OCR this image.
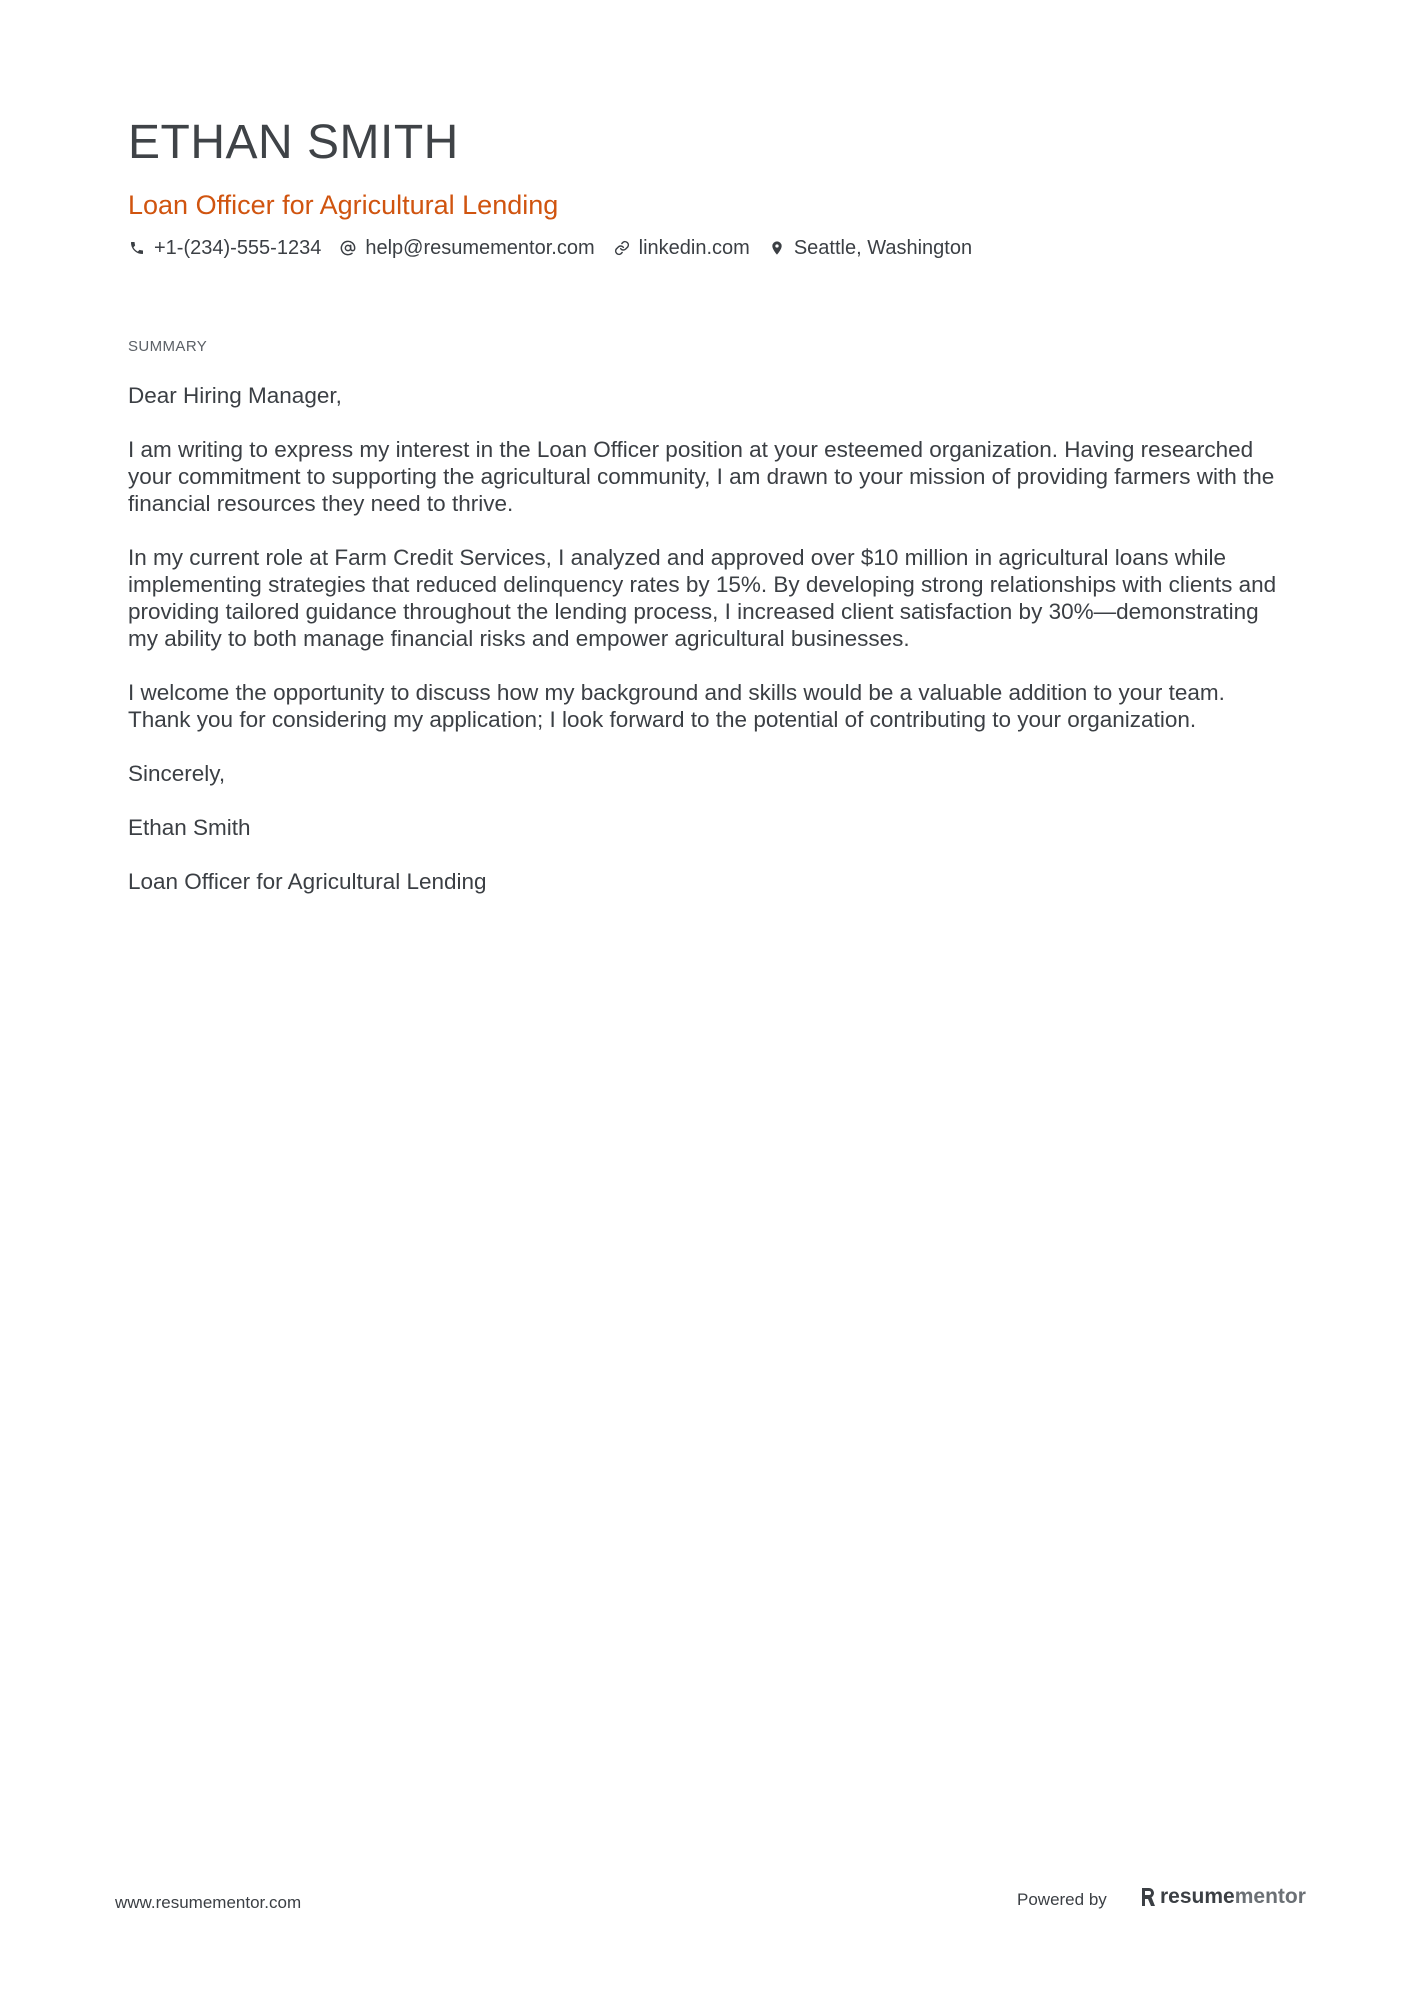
ETHAN SMITH
Loan Officer for Agricultural Lending
+1-(234)-555-1234 help@resumementor.com linkedin.com Seattle, Washington
SUMMARY

Dear Hiring Manager,

I am writing to express my interest in the Loan Officer position at your esteemed organization. Having researched your commitment to supporting the agricultural community, I am drawn to your mission of providing farmers with the financial resources they need to thrive.

In my current role at Farm Credit Services, I analyzed and approved over $10 million in agricultural loans while implementing strategies that reduced delinquency rates by 15%. By developing strong relationships with clients and providing tailored guidance throughout the lending process, I increased client satisfaction by 30%—demonstrating my ability to both manage financial risks and empower agricultural businesses.

I welcome the opportunity to discuss how my background and skills would be a valuable addition to your team. Thank you for considering my application; I look forward to the potential of contributing to your organization.

Sincerely,

Ethan Smith

Loan Officer for Agricultural Lending

www.resumementor.com	Powered by	resume mentor
